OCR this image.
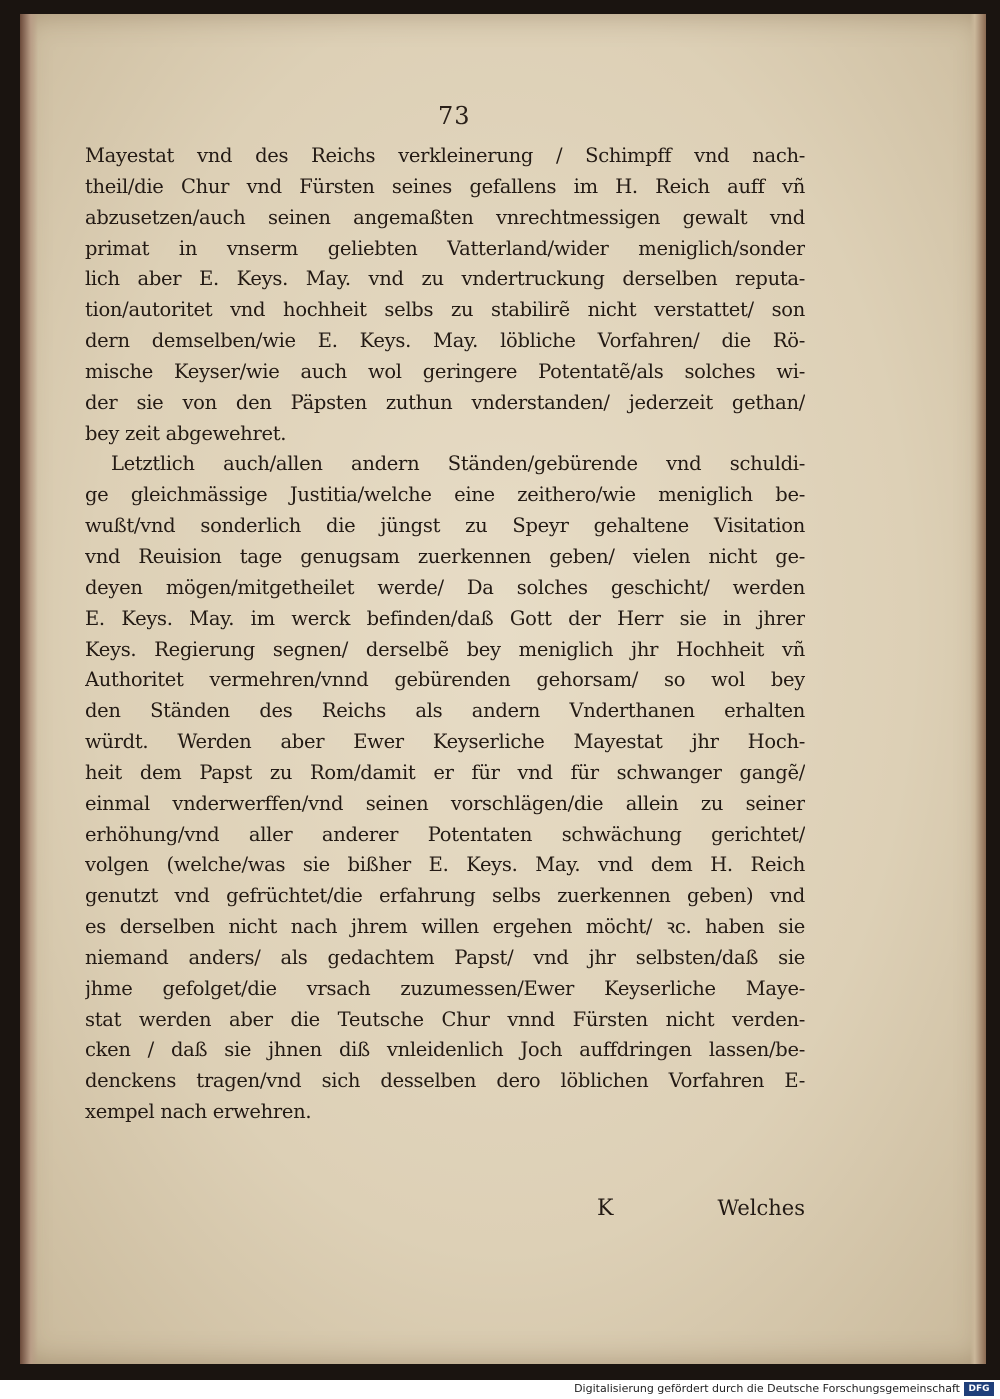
73
Mayestat vnd des Reichs verkleinerung / Schimpff vnd nach-
theil/die Chur vnd Fürsten seines gefallens im H. Reich auff vñ
abzusetzen/auch seinen angemaßten vnrechtmessigen gewalt vnd
primat in vnserm geliebten Vatterland/wider meniglich/sonder
lich aber E. Keys. May. vnd zu vndertruckung derselben reputa-
tion/autoritet vnd hochheit selbs zu stabilirẽ nicht verstattet/ son
dern demselben/wie E. Keys. May. löbliche Vorfahren/ die Rö-
mische Keyser/wie auch wol geringere Potentatẽ/als solches wi-
der sie von den Päpsten zuthun vnderstanden/ jederzeit gethan/
bey zeit abgewehret.
Letztlich auch/allen andern Ständen/gebürende vnd schuldi-
ge gleichmässige Justitia/welche eine zeithero/wie meniglich be-
wußt/vnd sonderlich die jüngst zu Speyr gehaltene Visitation
vnd Reuision tage genugsam zuerkennen geben/ vielen nicht ge-
deyen mögen/mitgetheilet werde/ Da solches geschicht/ werden
E. Keys. May. im werck befinden/daß Gott der Herr sie in jhrer
Keys. Regierung segnen/ derselbẽ bey meniglich jhr Hochheit vñ
Authoritet vermehren/vnnd gebürenden gehorsam/ so wol bey
den Ständen des Reichs als andern Vnderthanen erhalten
würdt. Werden aber Ewer Keyserliche Mayestat jhr Hoch-
heit dem Papst zu Rom/damit er für vnd für schwanger gangẽ/
einmal vnderwerffen/vnd seinen vorschlägen/die allein zu seiner
erhöhung/vnd aller anderer Potentaten schwächung gerichtet/
volgen (welche/was sie bißher E. Keys. May. vnd dem H. Reich
genutzt vnd gefrüchtet/die erfahrung selbs zuerkennen geben) vnd
es derselben nicht nach jhrem willen ergehen möcht/ ꝛc. haben sie
niemand anders/ als gedachtem Papst/ vnd jhr selbsten/daß sie
jhme gefolget/die vrsach zuzumessen/Ewer Keyserliche Maye-
stat werden aber die Teutsche Chur vnnd Fürsten nicht verden-
cken / daß sie jhnen diß vnleidenlich Joch auffdringen lassen/be-
denckens tragen/vnd sich desselben dero löblichen Vorfahren E-
xempel nach erwehren.
K	Welches
Digitalisierung gefördert durch die Deutsche Forschungsgemeinschaft DFG
